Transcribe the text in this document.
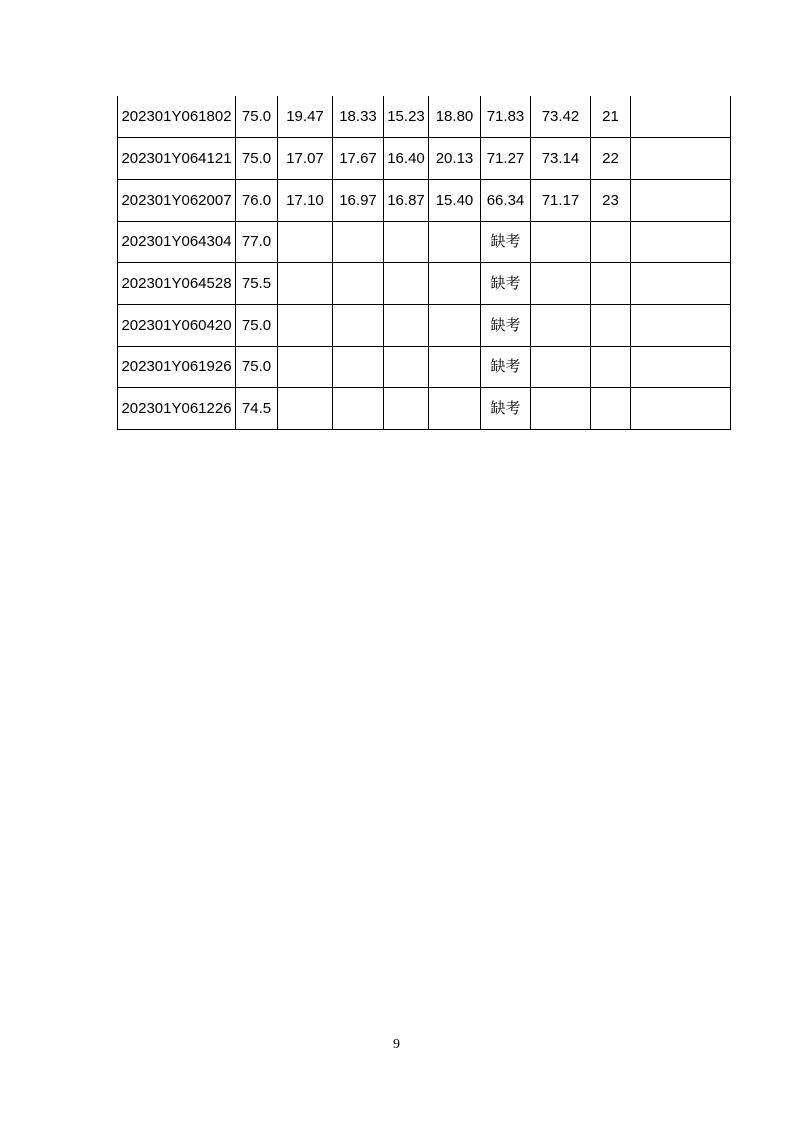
202301Y061802	75.0	19.47	18.33	15.23	18.80	71.83	73.42	21	
202301Y064121	75.0	17.07	17.67	16.40	20.13	71.27	73.14	22	
202301Y062007	76.0	17.10	16.97	16.87	15.40	66.34	71.17	23	
202301Y064304	77.0					缺考			
202301Y064528	75.5					缺考			
202301Y060420	75.0					缺考			
202301Y061926	75.0					缺考			
202301Y061226	74.5					缺考			
9
